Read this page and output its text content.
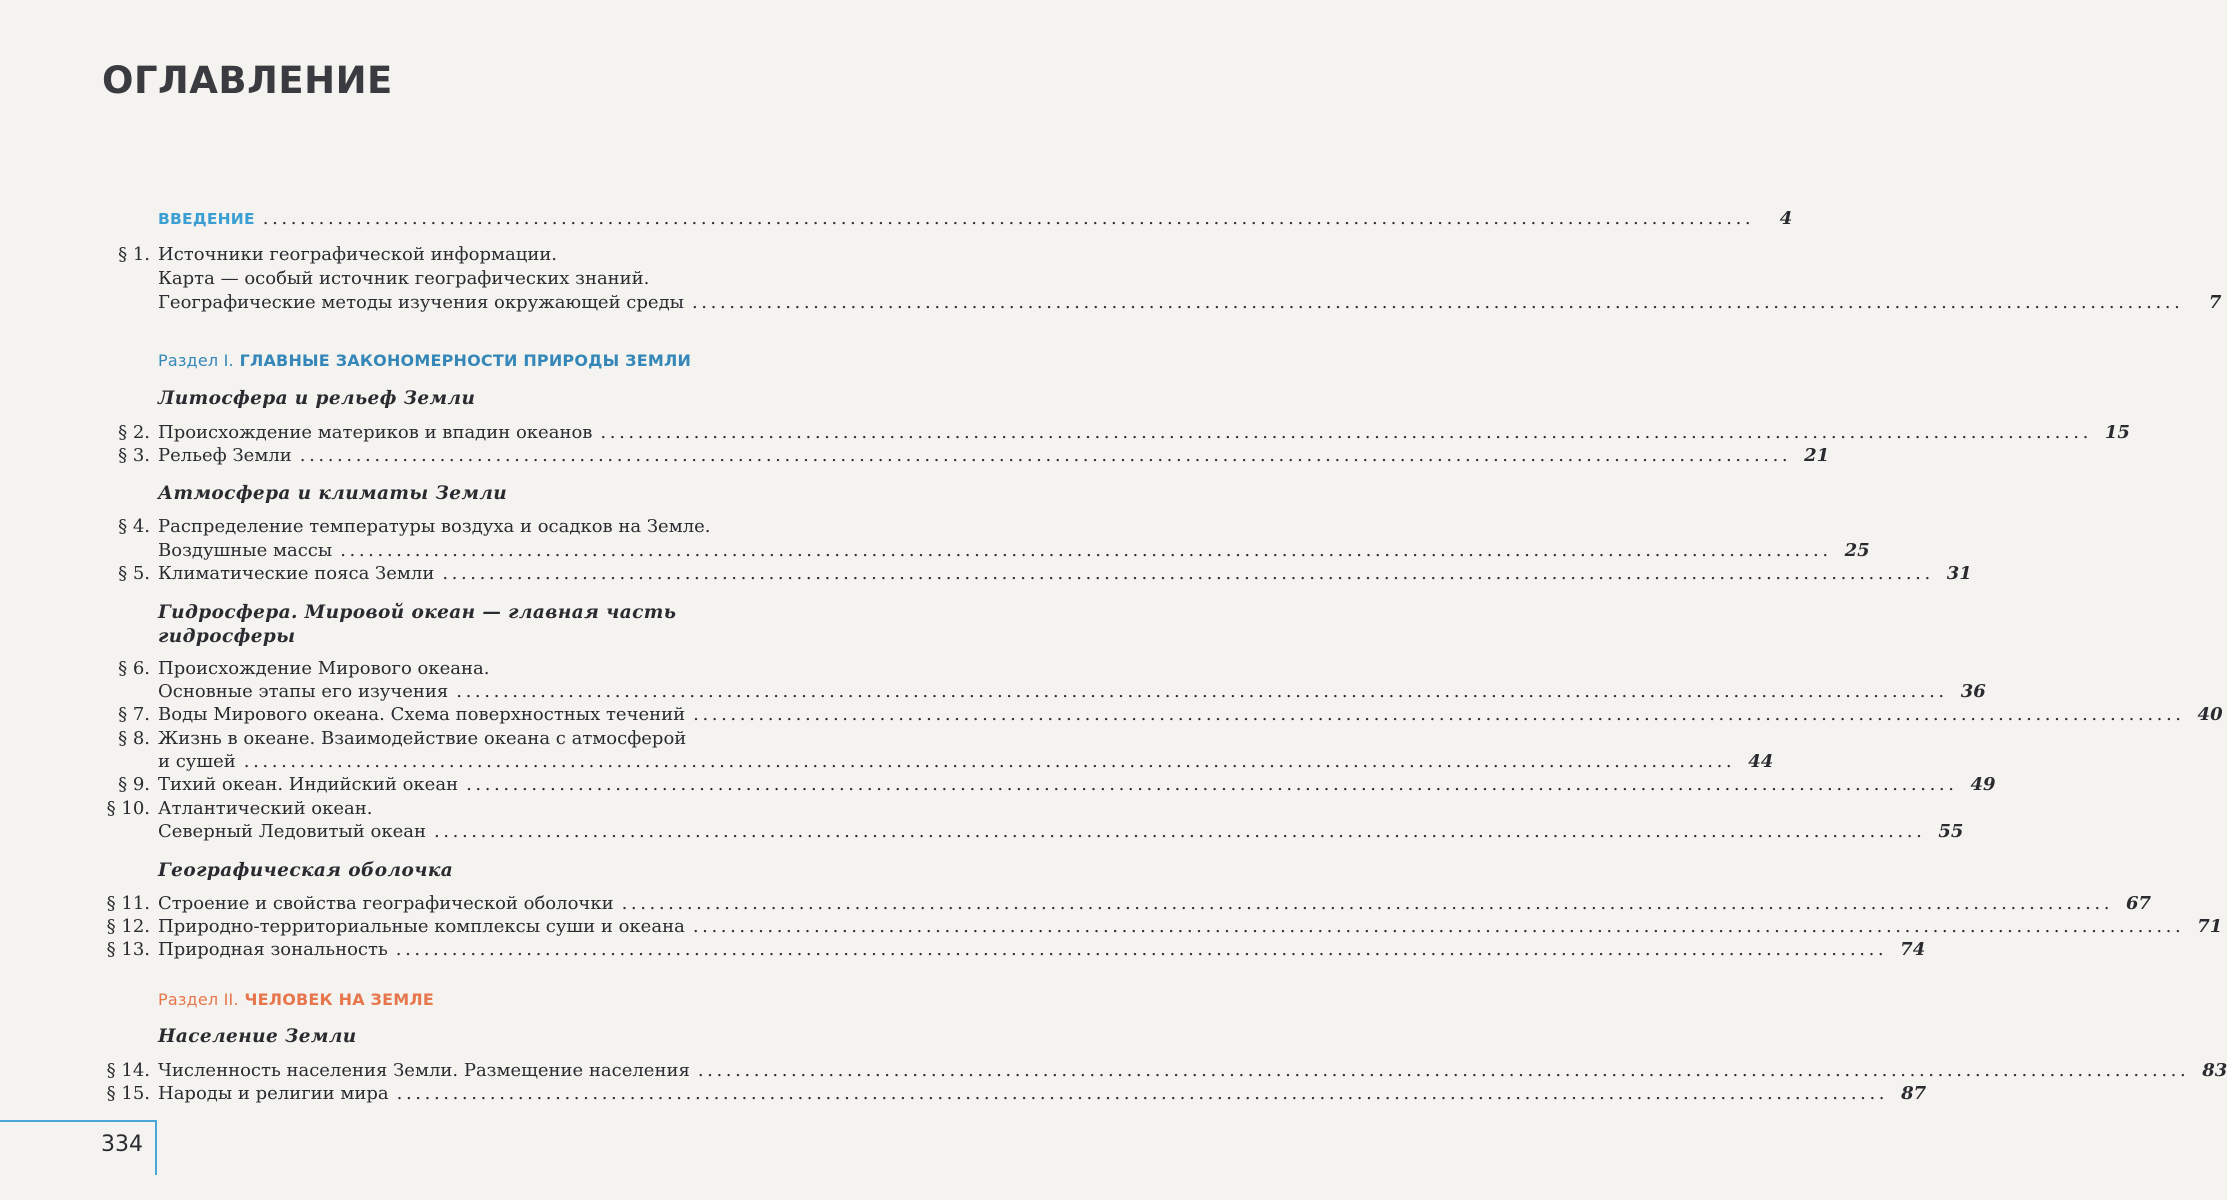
ОГЛАВЛЕНИЕ
ВВЕДЕНИЕ ................................................................................................................................................................	4
§ 1. Источники географической информации.
Карта — особый источник географических знаний.
Географические методы изучения окружающей среды ................................................................................................................................................................	7
Раздел I. ГЛАВНЫЕ ЗАКОНОМЕРНОСТИ ПРИРОДЫ ЗЕМЛИ
Литосфера и рельеф Земли
§ 2. Происхождение материков и впадин океанов ................................................................................................................................................................ 15
§ 3. Рельеф Земли ................................................................................................................................................................ 21
Атмосфера и климаты Земли
§ 4. Распределение температуры воздуха и осадков на Земле.
Воздушные массы ................................................................................................................................................................ 25
§ 5. Климатические пояса Земли ................................................................................................................................................................ 31
Гидросфера. Мировой океан — главная часть
гидросферы
§ 6. Происхождение Мирового океана.
Основные этапы его изучения ................................................................................................................................................................ 36
§ 7. Воды Мирового океана. Схема поверхностных течений ................................................................................................................................................................ 40
§ 8. Жизнь в океане. Взаимодействие океана с атмосферой
и сушей ................................................................................................................................................................ 44
§ 9. Тихий океан. Индийский океан ................................................................................................................................................................ 49
§ 10. Атлантический океан.
Северный Ледовитый океан ................................................................................................................................................................ 55
Географическая оболочка
§ 11. Строение и свойства географической оболочки ................................................................................................................................................................ 67
§ 12. Природно-территориальные комплексы суши и океана ................................................................................................................................................................ 71
§ 13. Природная зональность ................................................................................................................................................................ 74
Раздел II. ЧЕЛОВЕК НА ЗЕМЛЕ
Население Земли
§ 14. Численность населения Земли. Размещение населения ................................................................................................................................................................ 83
§ 15. Народы и религии мира ................................................................................................................................................................ 87
334
